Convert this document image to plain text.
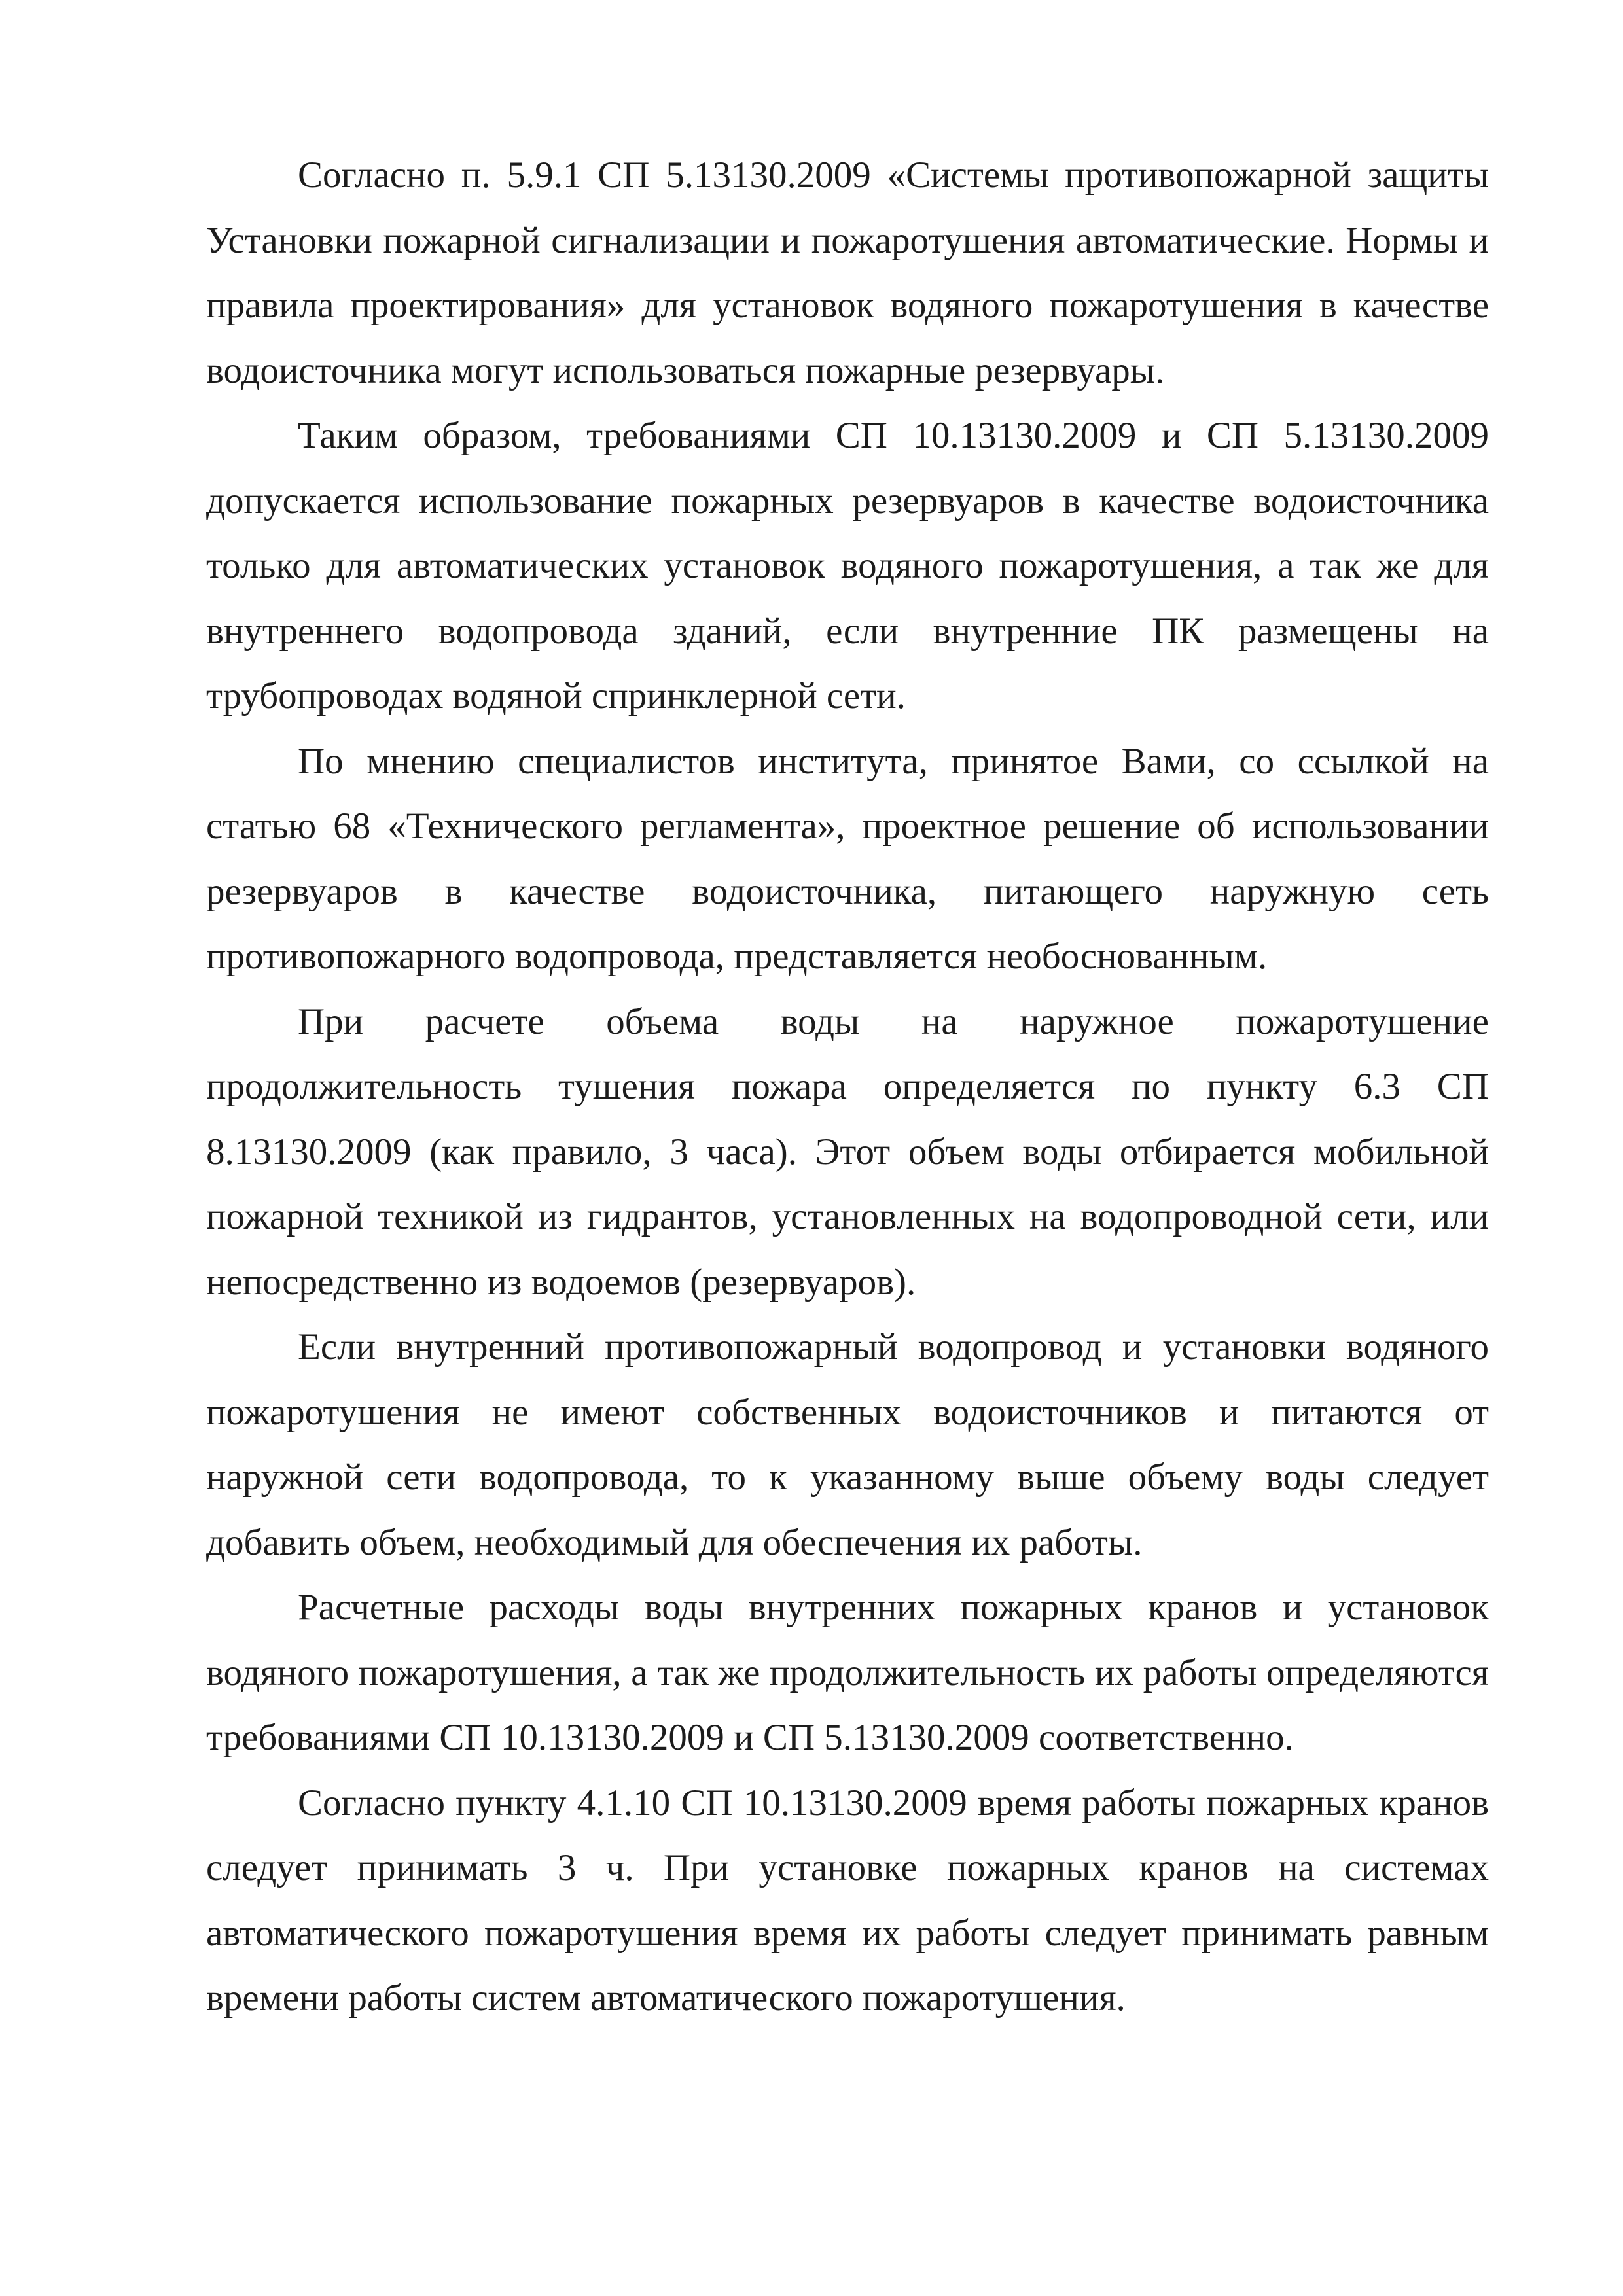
Согласно п. 5.9.1 СП 5.13130.2009 «Системы противопожарной защиты Установки пожарной сигнализации и пожаротушения автоматические. Нормы и правила проектирования» для установок водяного пожаротушения в качестве водоисточника могут использоваться пожарные резервуары.

Таким образом, требованиями СП 10.13130.2009 и СП 5.13130.2009 допускается использование пожарных резервуаров в качестве водоисточника только для автоматических установок водяного пожаротушения, а так же для внутреннего водопровода зданий, если внутренние ПК размещены на трубопроводах водяной спринклерной сети.

По мнению специалистов института, принятое Вами, со ссылкой на статью 68 «Технического регламента», проектное решение об использовании резервуаров в качестве водоисточника, питающего наружную сеть противопожарного водопровода, представляется необоснованным.

При расчете объема воды на наружное пожаротушение продолжительность тушения пожара определяется по пункту 6.3 СП 8.13130.2009 (как правило, 3 часа). Этот объем воды отбирается мобильной пожарной техникой из гидрантов, установленных на водопроводной сети, или непосредственно из водоемов (резервуаров).

Если внутренний противопожарный водопровод и установки водяного пожаротушения не имеют собственных водоисточников и питаются от наружной сети водопровода, то к указанному выше объему воды следует добавить объем, необходимый для обеспечения их работы.

Расчетные расходы воды внутренних пожарных кранов и установок водяного пожаротушения, а так же продолжительность их работы определяются требованиями СП 10.13130.2009 и СП 5.13130.2009 соответственно.

Согласно пункту 4.1.10 СП 10.13130.2009 время работы пожарных кранов следует принимать 3 ч. При установке пожарных кранов на системах автоматического пожаротушения время их работы следует принимать равным времени работы систем автоматического пожаротушения.
